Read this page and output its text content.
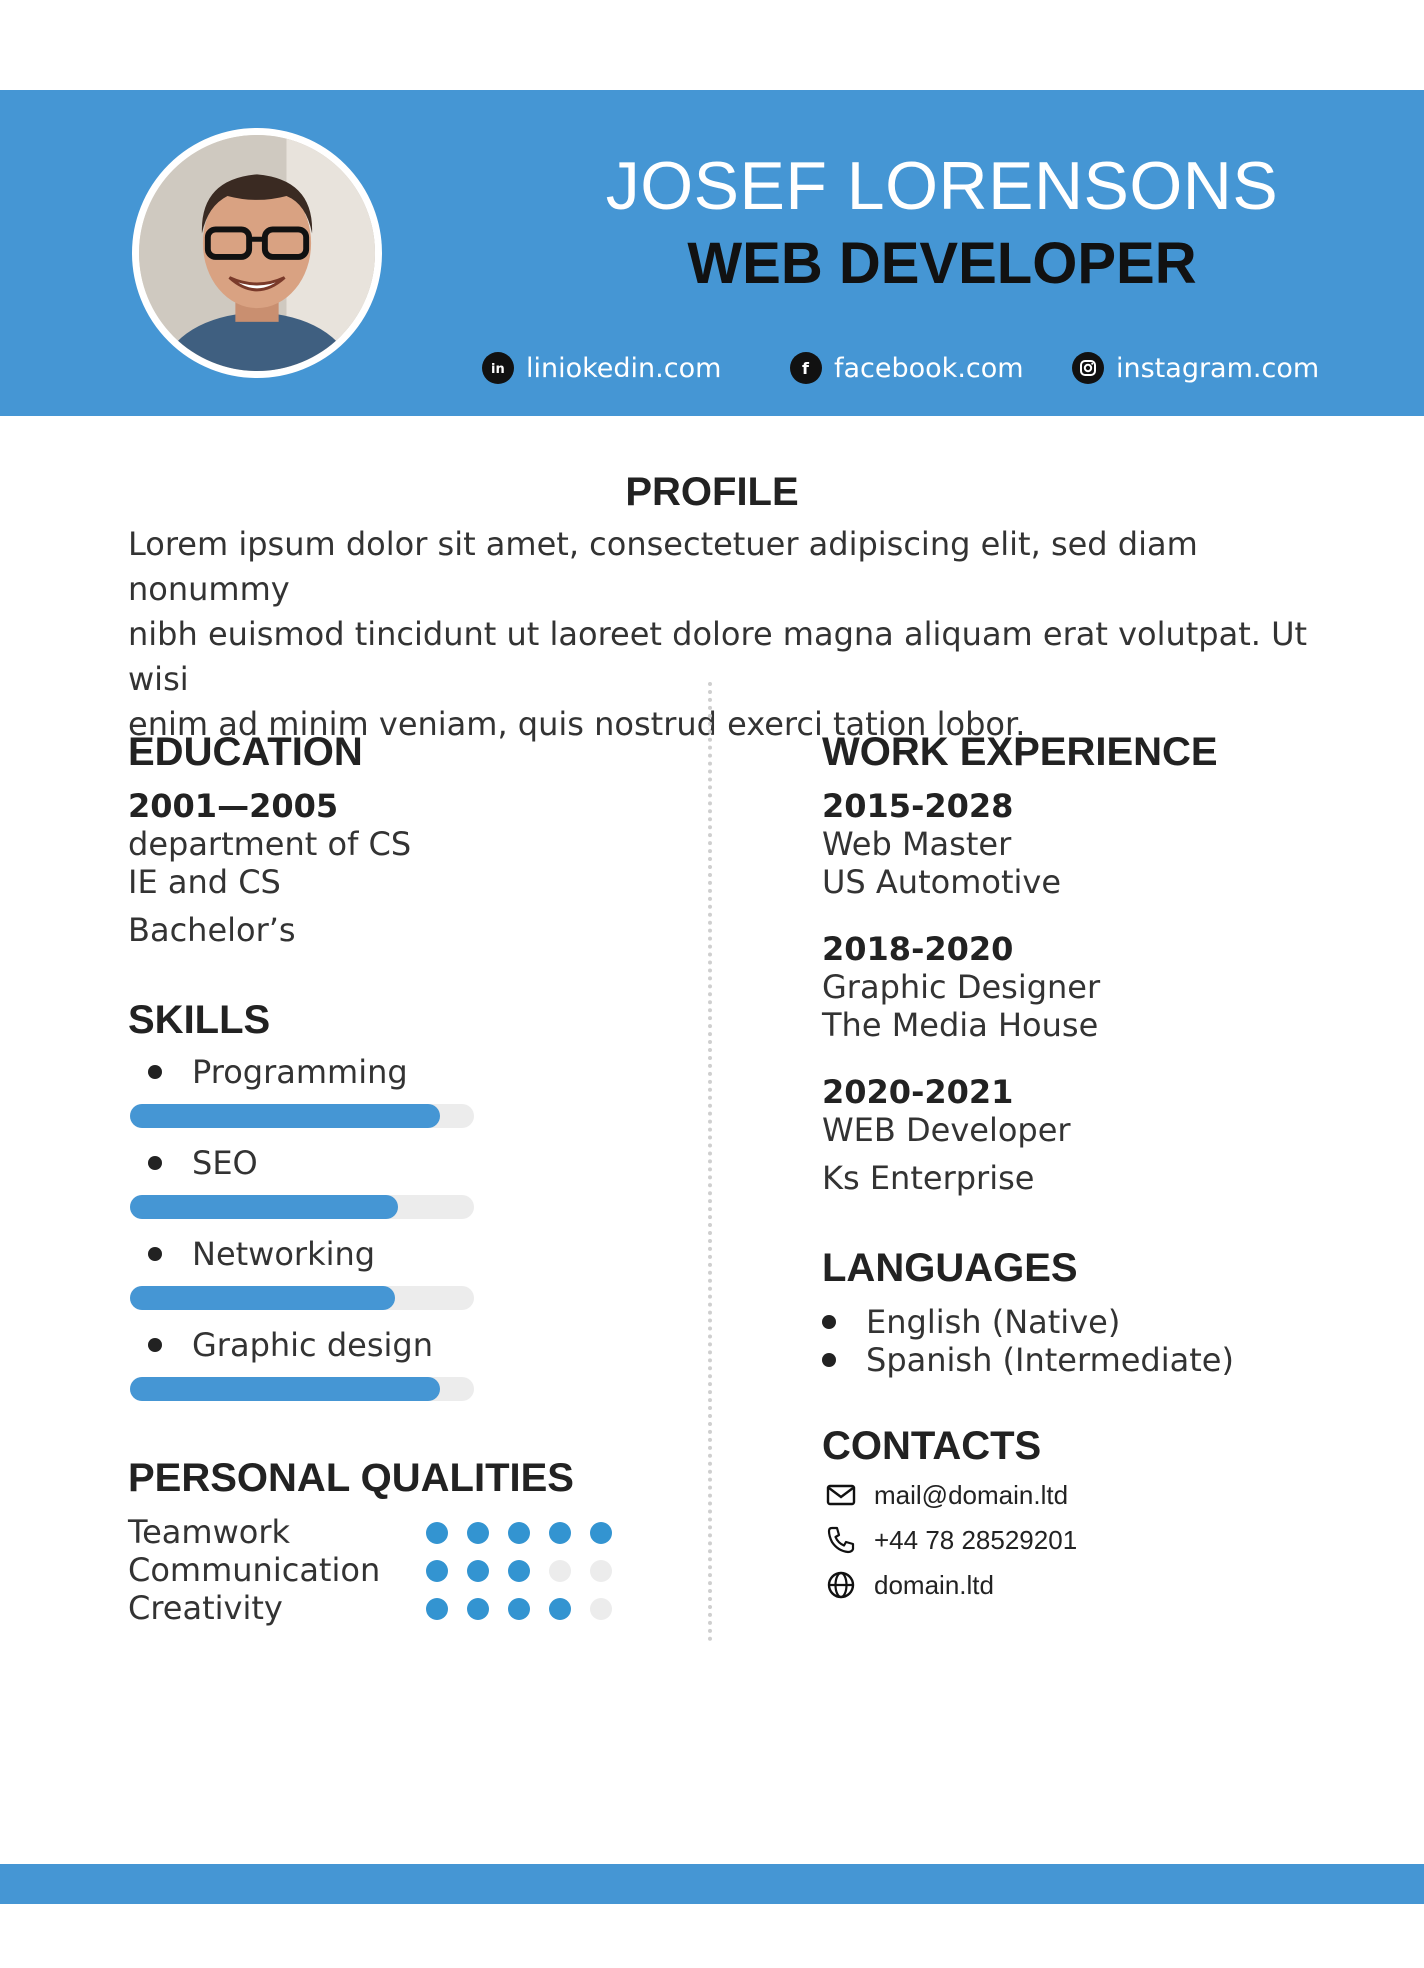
JOSEF LORENSONS
WEB DEVELOPER
in liniokedin.com	f facebook.com	instagram.com
PROFILE

Lorem ipsum dolor sit amet, consectetuer adipiscing elit, sed diam nonummy
nibh euismod tincidunt ut laoreet dolore magna aliquam erat volutpat. Ut wisi
enim ad minim veniam, quis nostrud exerci tation lobor.

EDUCATION
2001—2005
department of CS
IE and CS
Bachelor’s
SKILLS
Programming
SEO
Networking
Graphic design
PERSONAL QUALITIES
Teamwork
Communication
Creativity
WORK EXPERIENCE
2015-2028
Web Master
US Automotive
2018-2020
Graphic Designer
The Media House
2020-2021
WEB Developer
Ks Enterprise
LANGUAGES
English (Native)
Spanish (Intermediate)
CONTACTS
mail@domain.ltd
+44 78 28529201
domain.ltd
